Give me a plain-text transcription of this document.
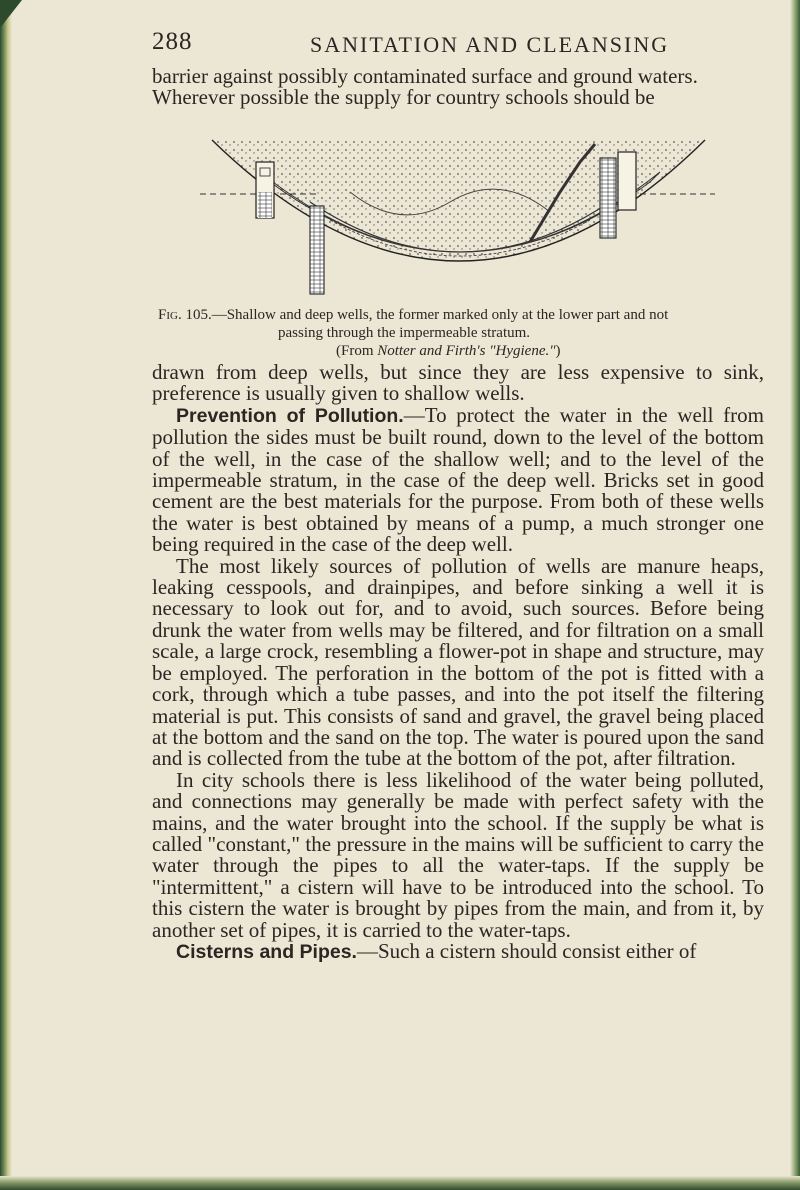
288	SANITATION AND CLEANSING

barrier against possibly contaminated surface and ground waters.

Wherever possible the supply for country schools should be

Fig. 105.—Shallow and deep wells, the former marked only at the lower part and not
passing through the impermeable stratum.
(From Notter and Firth's "Hygiene.")

drawn from deep wells, but since they are less expensive to sink, preference is usually given to shallow wells.

Prevention of Pollution.—To protect the water in the well from pollution the sides must be built round, down to the level of the bottom of the well, in the case of the shallow well; and to the level of the impermeable stratum, in the case of the deep well. Bricks set in good cement are the best materials for the purpose. From both of these wells the water is best obtained by means of a pump, a much stronger one being required in the case of the deep well.

The most likely sources of pollution of wells are manure heaps, leaking cesspools, and drainpipes, and before sinking a well it is necessary to look out for, and to avoid, such sources. Before being drunk the water from wells may be filtered, and for filtration on a small scale, a large crock, resembling a flower-pot in shape and structure, may be employed. The perforation in the bottom of the pot is fitted with a cork, through which a tube passes, and into the pot itself the filtering material is put. This consists of sand and gravel, the gravel being placed at the bottom and the sand on the top. The water is poured upon the sand and is collected from the tube at the bottom of the pot, after filtration.

In city schools there is less likelihood of the water being polluted, and connections may generally be made with perfect safety with the mains, and the water brought into the school. If the supply be what is called "constant," the pressure in the mains will be sufficient to carry the water through the pipes to all the water-taps. If the supply be "intermittent," a cistern will have to be introduced into the school. To this cistern the water is brought by pipes from the main, and from it, by another set of pipes, it is carried to the water-taps.

Cisterns and Pipes.—Such a cistern should consist either of
